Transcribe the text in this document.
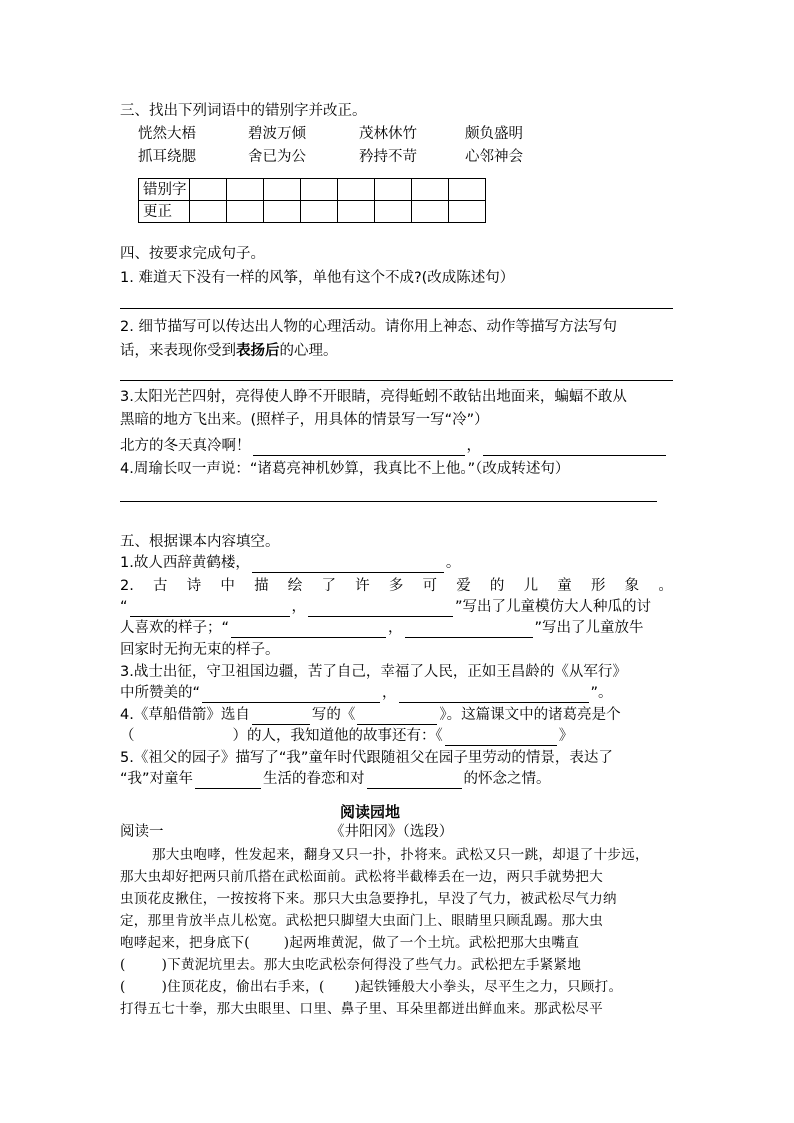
三、找出下列词语中的错别字并改正。
恍然大梧	碧波万倾	茂林休竹	颇负盛明
抓耳绕腮	舍已为公	矜持不苛	心邻神会
错别字								
更正								
四、按要求完成句子。
1. 难道天下没有一样的风筝，单他有这个不成?(改成陈述句）
2. 细节描写可以传达出人物的心理活动。请你用上神态、动作等描写方法写句
话，来表现你受到表扬后的心理。
3.太阳光芒四射，亮得使人睁不开眼睛，亮得蚯蚓不敢钻出地面来，蝙蝠不敢从
黑暗的地方飞出来。(照样子，用具体的情景写一写“冷”）
北方的冬天真冷啊！	，
4.周瑜长叹一声说：“诸葛亮神机妙算，我真比不上他。”（改成转述句）
五、根据课本内容填空。
1.故人西辞黄鹤楼，	。
2. 古 诗 中 描 绘 了 许 多 可 爱 的 儿 童 形 象 。
“	，	”写出了儿童模仿大人种瓜的讨
人喜欢的样子；“	，	”写出了儿童放牛
回家时无拘无束的样子。
3.战士出征，守卫祖国边疆，苦了自己，幸福了人民，正如王昌龄的《从军行》
中所赞美的“	，	”。
4.《草船借箭》选自	写的《	》。这篇课文中的诸葛亮是个
（	）的人，我知道他的故事还有：《	》
5.《祖父的园子》描写了“我”童年时代跟随祖父在园子里劳动的情景，表达了
“我”对童年	生活的眷恋和对	的怀念之情。
阅读园地
阅读一	《井阳冈》（选段）
那大虫咆哮，性发起来，翻身又只一扑，扑将来。武松又只一跳，却退了十步远，
那大虫却好把两只前爪搭在武松面前。武松将半截棒丢在一边，两只手就势把大
虫顶花皮揪住，一按按将下来。那只大虫急要挣扎，早没了气力，被武松尽气力纳
定，那里肯放半点儿松宽。武松把只脚望大虫面门上、眼睛里只顾乱踢。那大虫
咆哮起来，把身底下(	)起两堆黄泥，做了一个土坑。武松把那大虫嘴直
(	)下黄泥坑里去。那大虫吃武松奈何得没了些气力。武松把左手紧紧地
(	)住顶花皮，偷出右手来，( )起铁锤般大小拳头，尽平生之力，只顾打。
打得五七十拳，那大虫眼里、口里、鼻子里、耳朵里都迸出鲜血来。那武松尽平
